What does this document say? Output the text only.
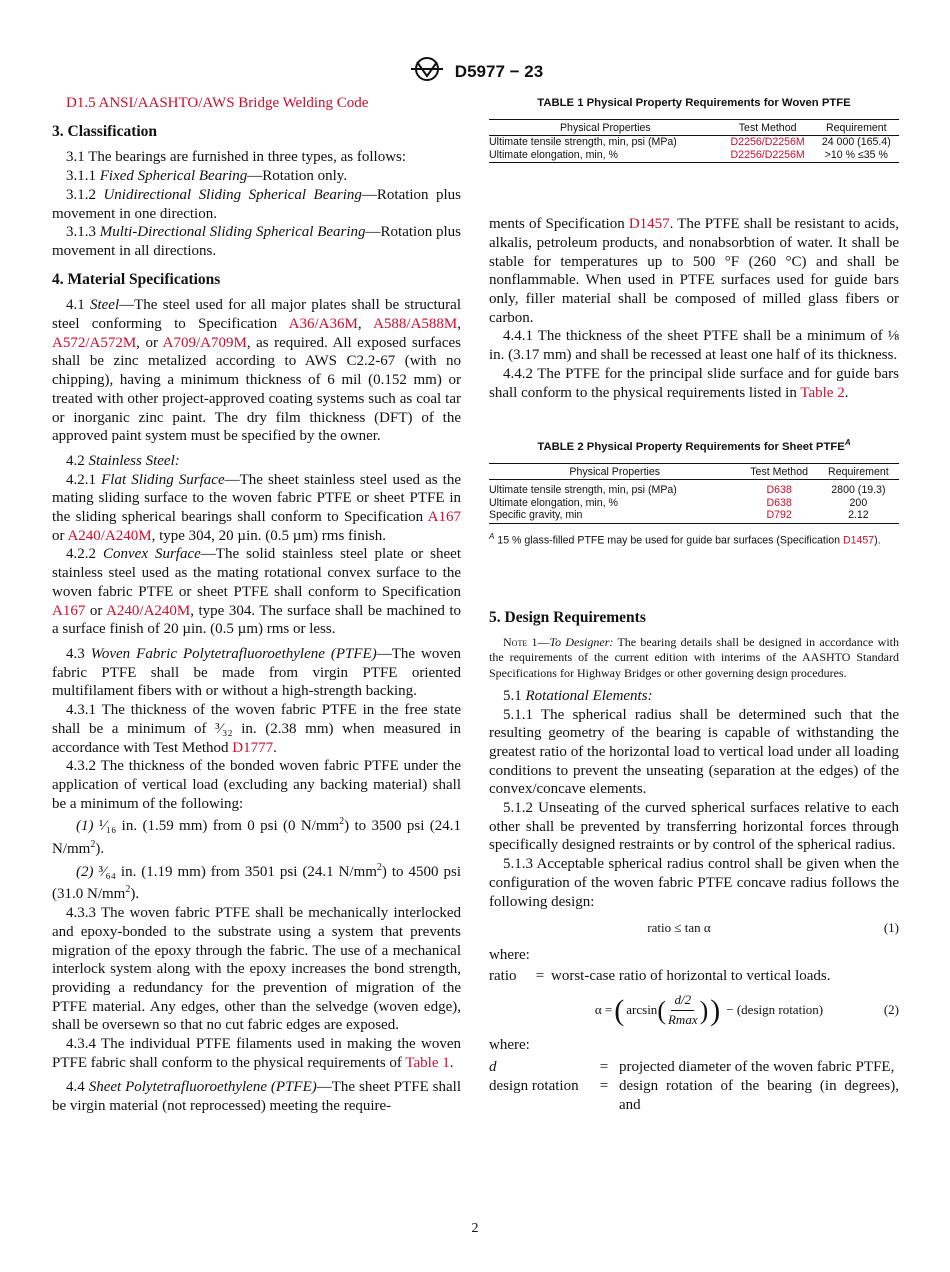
D5977 − 23

D1.5 ANSI/AASHTO/AWS Bridge Welding Code

3. Classification

3.1 The bearings are furnished in three types, as follows:

3.1.1 Fixed Spherical Bearing—Rotation only.

3.1.2 Unidirectional Sliding Spherical Bearing—Rotation plus movement in one direction.

3.1.3 Multi-Directional Sliding Spherical Bearing—Rotation plus movement in all directions.

4. Material Specifications

4.1 Steel—The steel used for all major plates shall be structural steel conforming to Specification A36/A36M, A588/A588M, A572/A572M, or A709/A709M, as required. All exposed surfaces shall be zinc metalized according to AWS C2.2-67 (with no chipping), having a minimum thickness of 6 mil (0.152 mm) or treated with other project-approved coating systems such as coal tar or inorganic zinc paint. The dry film thickness (DFT) of the approved paint system must be specified by the owner.

4.2 Stainless Steel:

4.2.1 Flat Sliding Surface—The sheet stainless steel used as the mating sliding surface to the woven fabric PTFE or sheet PTFE in the sliding spherical bearings shall conform to Specification A167 or A240/A240M, type 304, 20 µin. (0.5 µm) rms finish.

4.2.2 Convex Surface—The solid stainless steel plate or sheet stainless steel used as the mating rotational convex surface to the woven fabric PTFE or sheet PTFE shall conform to Specification A167 or A240/A240M, type 304. The surface shall be machined to a surface finish of 20 µin. (0.5 µm) rms or less.

4.3 Woven Fabric Polytetrafluoroethylene (PTFE)—The woven fabric PTFE shall be made from virgin PTFE oriented multifilament fibers with or without a high-strength backing.

4.3.1 The thickness of the woven fabric PTFE in the free state shall be a minimum of ³⁄₃₂ in. (2.38 mm) when measured in accordance with Test Method D1777.

4.3.2 The thickness of the bonded woven fabric PTFE under the application of vertical load (excluding any backing material) shall be a minimum of the following:

(1) ¹⁄₁₆ in. (1.59 mm) from 0 psi (0 $N/mm^2$) to 3500 psi (24.1 $N/mm^2$).

(2) ³⁄₆₄ in. (1.19 mm) from 3501 psi (24.1 $N/mm^2$) to 4500 psi (31.0 $N/mm^2$).

4.3.3 The woven fabric PTFE shall be mechanically interlocked and epoxy-bonded to the substrate using a system that prevents migration of the epoxy through the fabric. The use of a mechanical interlock system along with the epoxy increases the bond strength, providing a redundancy for the prevention of migration of the PTFE material. Any edges, other than the selvedge (woven edge), shall be oversewn so that no cut fabric edges are exposed.

4.3.4 The individual PTFE filaments used in making the woven PTFE fabric shall conform to the physical requirements of Table 1.

4.4 Sheet Polytetrafluoroethylene (PTFE)—The sheet PTFE shall be virgin material (not reprocessed) meeting the require-

TABLE 1 Physical Property Requirements for Woven PTFE

Physical Properties	Test Method	Requirement
Ultimate tensile strength, min, psi (MPa)	D2256/D2256M	24 000 (165.4)
Ultimate elongation, min, %	D2256/D2256M	>10 % ≤35 %

ments of Specification D1457. The PTFE shall be resistant to acids, alkalis, petroleum products, and nonabsorbtion of water. It shall be stable for temperatures up to 500 °F (260 °C) and shall be nonflammable. When used in PTFE surfaces used for guide bars only, filler material shall be composed of milled glass fibers or carbon.

4.4.1 The thickness of the sheet PTFE shall be a minimum of ⅛ in. (3.17 mm) and shall be recessed at least one half of its thickness.

4.4.2 The PTFE for the principal slide surface and for guide bars shall conform to the physical requirements listed in Table 2.

TABLE 2 Physical Property Requirements for Sheet $PTFE^A$

Physical Properties	Test Method	Requirement
Ultimate tensile strength, min, psi (MPa)	D638	2800 (19.3)
Ultimate elongation, min, %	D638	200
Specific gravity, min	D792	2.12

$^A$ 15 % glass-filled PTFE may be used for guide bar surfaces (Specification D1457).

5. Design Requirements

Note 1—To Designer: The bearing details shall be designed in accordance with the requirements of the current edition with interims of the AASHTO Standard Specifications for Highway Bridges or other governing design procedures.

5.1 Rotational Elements:

5.1.1 The spherical radius shall be determined such that the resulting geometry of the bearing is capable of withstanding the greatest ratio of the horizontal load to vertical load under all loading conditions to prevent the unseating (separation at the edges) of the convex/concave elements.

5.1.2 Unseating of the curved spherical surfaces relative to each other shall be prevented by transferring horizontal forces through specifically designed restraints or by control of the spherical radius.

5.1.3 Acceptable spherical radius control shall be given when the configuration of the woven fabric PTFE concave radius follows the following design:

ratio ≤ tan α	(1)

where:

ratio	=	worst-case ratio of horizontal to vertical loads.
α = ( arcsin ( d/2
Rmax ) ) − (design rotation)	(2)

where:

d	=	projected diameter of the woven fabric PTFE,
design rotation	=	design rotation of the bearing (in degrees), and
2
